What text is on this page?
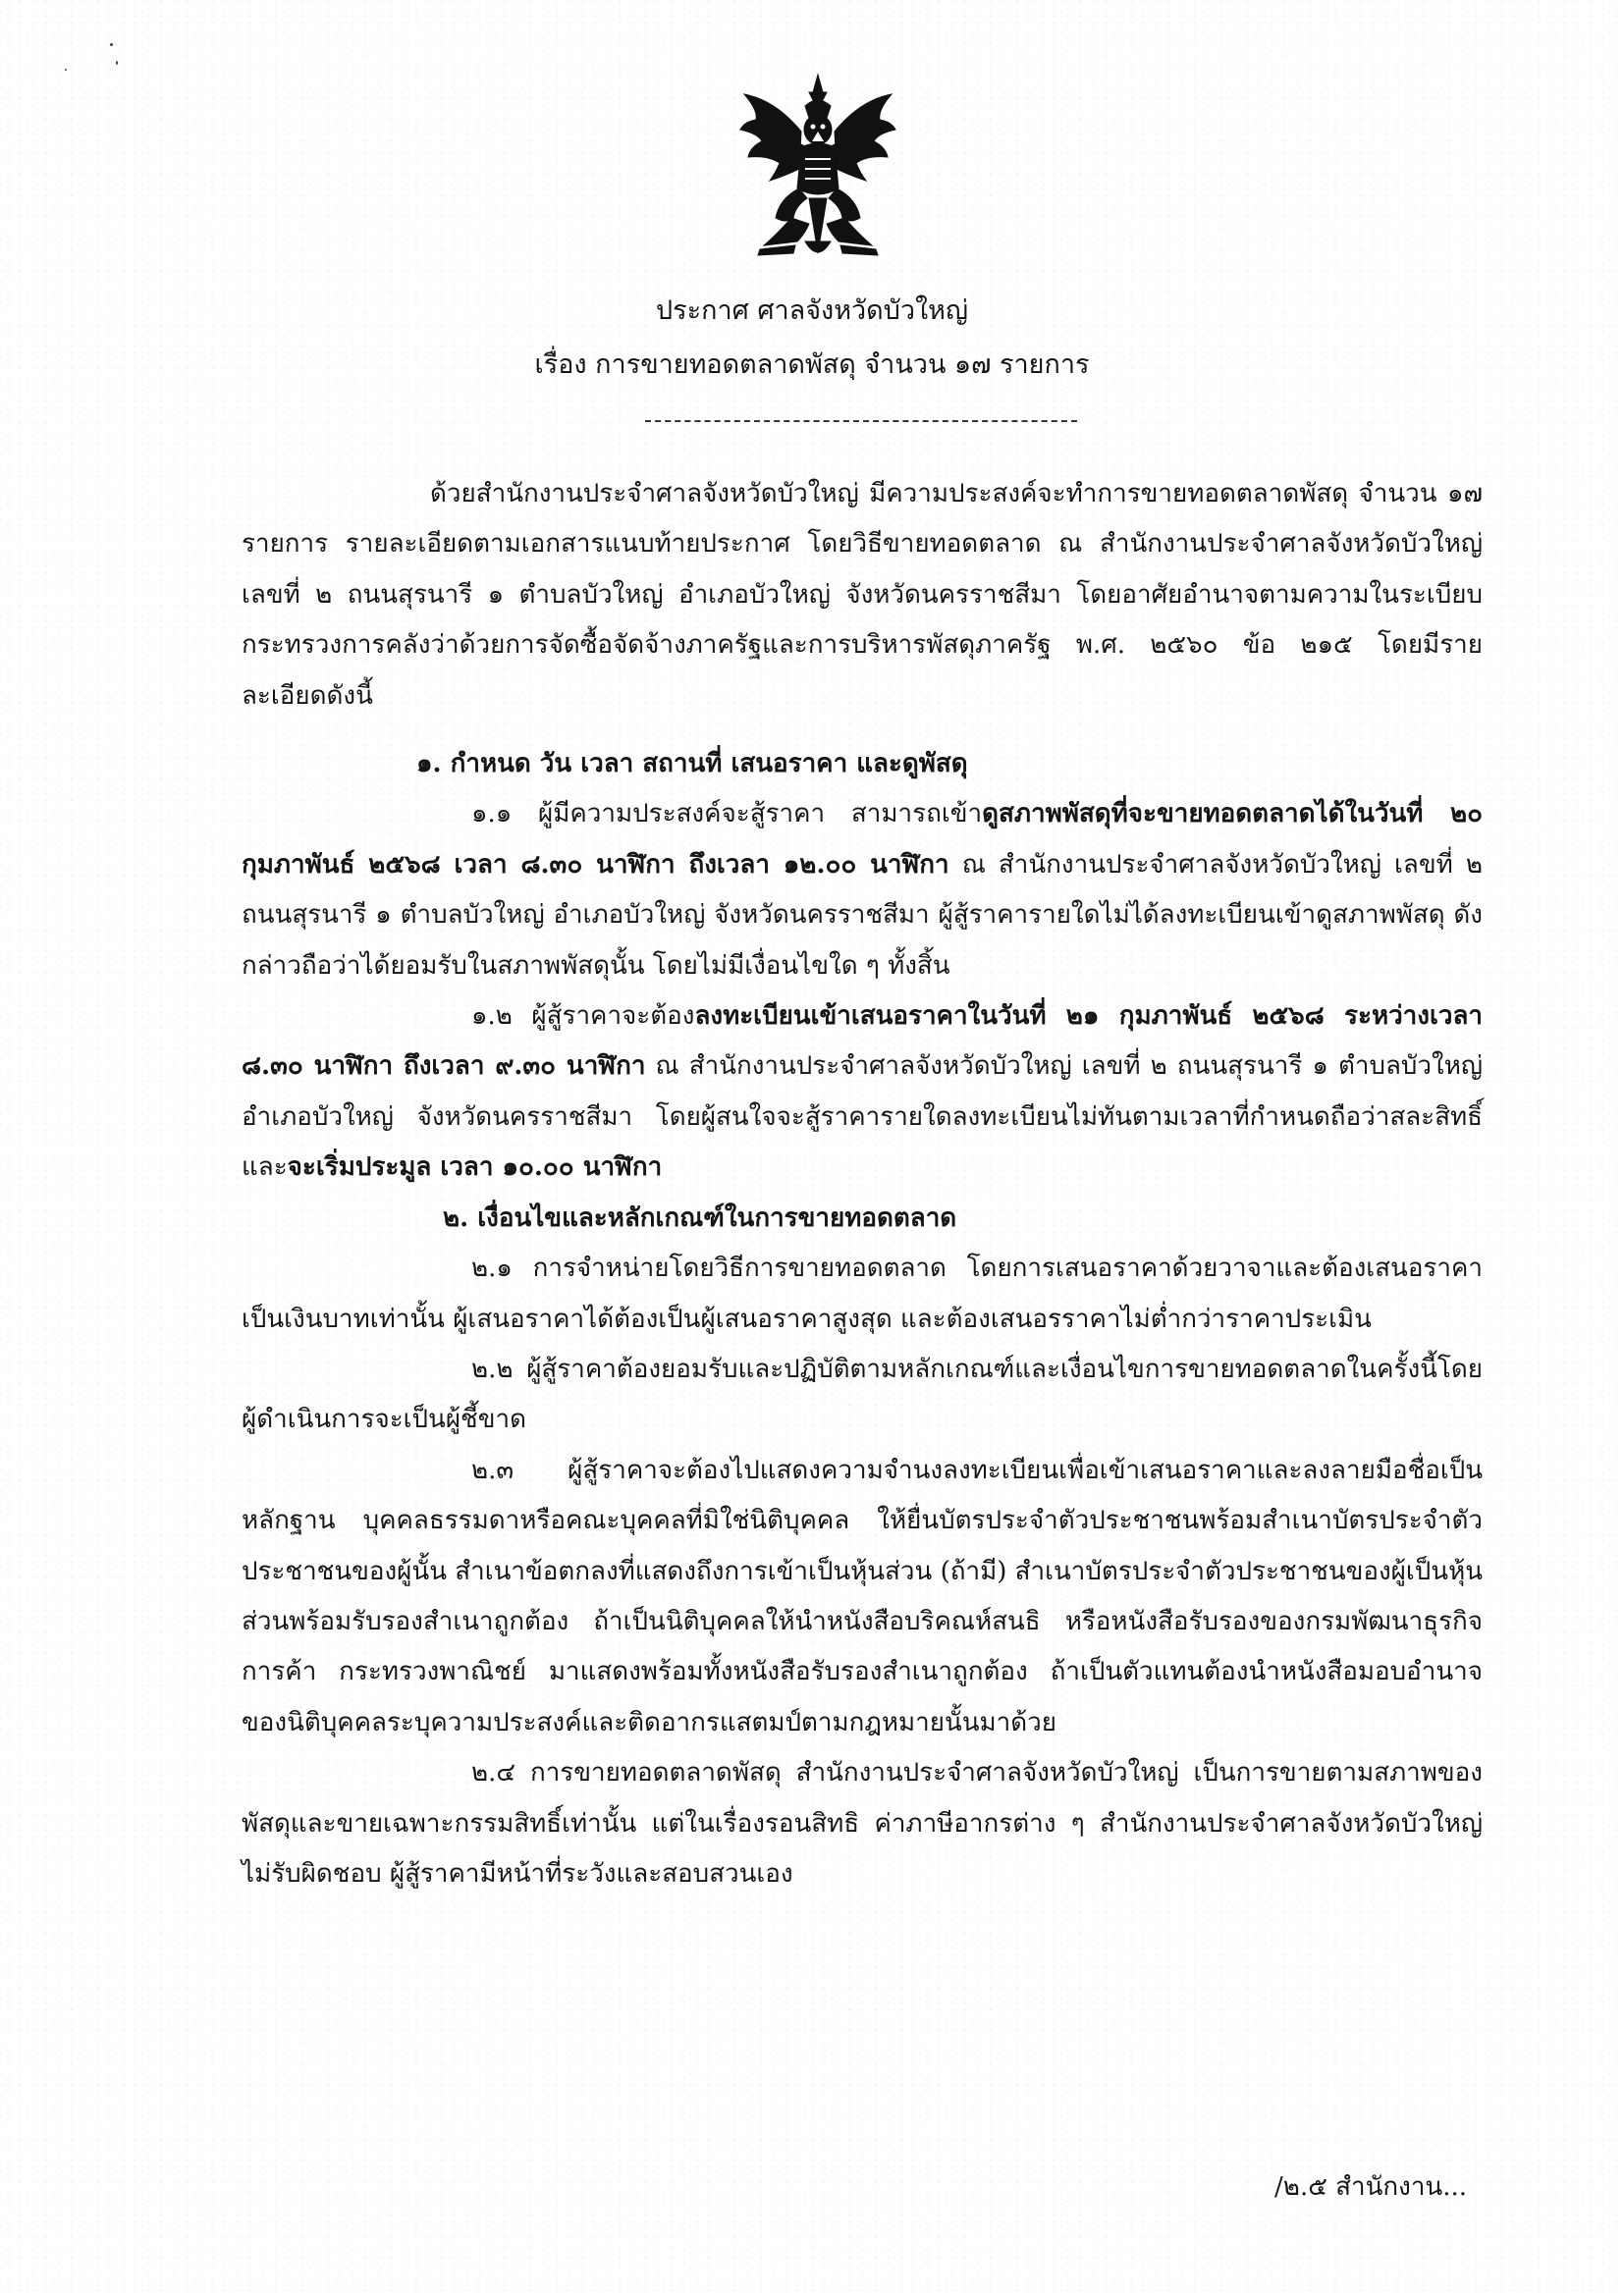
ประกาศ ศาลจังหวัดบัวใหญ่
เรื่อง การขายทอดตลาดพัสดุ จำนวน ๑๗ รายการ

ด้วยสำนักงานประจำศาลจังหวัดบัวใหญ่ มีความประสงค์จะทำการขายทอดตลาดพัสดุ จำนวน ๑๗ รายการ รายละเอียดตามเอกสารแนบท้ายประกาศ โดยวิธีขายทอดตลาด ณ สำนักงานประจำศาลจังหวัดบัวใหญ่ เลขที่ ๒ ถนนสุรนารี ๑ ตำบลบัวใหญ่ อำเภอบัวใหญ่ จังหวัดนครราชสีมา โดยอาศัยอำนาจตามความในระเบียบกระทรวงการคลังว่าด้วยการจัดซื้อจัดจ้างภาครัฐและการบริหารพัสดุภาครัฐ พ.ศ. ๒๕๖๐ ข้อ ๒๑๕ โดยมีรายละเอียดดังนี้

๑. กำหนด วัน เวลา สถานที่ เสนอราคา และดูพัสดุ

๑.๑ ผู้มีความประสงค์จะสู้ราคา สามารถเข้าดูสภาพพัสดุที่จะขายทอดตลาดได้ในวันที่ ๒๐ กุมภาพันธ์ ๒๕๖๘ เวลา ๘.๓๐ นาฬิกา ถึงเวลา ๑๒.๐๐ นาฬิกา ณ สำนักงานประจำศาลจังหวัดบัวใหญ่ เลขที่ ๒ ถนนสุรนารี ๑ ตำบลบัวใหญ่ อำเภอบัวใหญ่ จังหวัดนครราชสีมา ผู้สู้ราคารายใดไม่ได้ลงทะเบียนเข้าดูสภาพพัสดุ ดังกล่าวถือว่าได้ยอมรับในสภาพพัสดุนั้น โดยไม่มีเงื่อนไขใด ๆ ทั้งสิ้น

๑.๒ ผู้สู้ราคาจะต้องลงทะเบียนเข้าเสนอราคาในวันที่ ๒๑ กุมภาพันธ์ ๒๕๖๘ ระหว่างเวลา ๘.๓๐ นาฬิกา ถึงเวลา ๙.๓๐ นาฬิกา ณ สำนักงานประจำศาลจังหวัดบัวใหญ่ เลขที่ ๒ ถนนสุรนารี ๑ ตำบลบัวใหญ่ อำเภอบัวใหญ่ จังหวัดนครราชสีมา โดยผู้สนใจจะสู้ราคารายใดลงทะเบียนไม่ทันตามเวลาที่กำหนดถือว่าสละสิทธิ์ และจะเริ่มประมูล เวลา ๑๐.๐๐ นาฬิกา

๒. เงื่อนไขและหลักเกณฑ์ในการขายทอดตลาด

๒.๑ การจำหน่ายโดยวิธีการขายทอดตลาด โดยการเสนอราคาด้วยวาจาและต้องเสนอราคาเป็นเงินบาทเท่านั้น ผู้เสนอราคาได้ต้องเป็นผู้เสนอราคาสูงสุด และต้องเสนอรราคาไม่ต่ำกว่าราคาประเมิน

๒.๒ ผู้สู้ราคาต้องยอมรับและปฏิบัติตามหลักเกณฑ์และเงื่อนไขการขายทอดตลาดในครั้งนี้โดยผู้ดำเนินการจะเป็นผู้ชี้ขาด

๒.๓ ผู้สู้ราคาจะต้องไปแสดงความจำนงลงทะเบียนเพื่อเข้าเสนอราคาและลงลายมือชื่อเป็นหลักฐาน บุคคลธรรมดาหรือคณะบุคคลที่มิใช่นิติบุคคล ให้ยื่นบัตรประจำตัวประชาชนพร้อมสำเนาบัตรประจำตัวประชาชนของผู้นั้น สำเนาข้อตกลงที่แสดงถึงการเข้าเป็นหุ้นส่วน (ถ้ามี) สำเนาบัตรประจำตัวประชาชนของผู้เป็นหุ้นส่วนพร้อมรับรองสำเนาถูกต้อง ถ้าเป็นนิติบุคคลให้นำหนังสือบริคณห์สนธิ หรือหนังสือรับรองของกรมพัฒนาธุรกิจการค้า กระทรวงพาณิชย์ มาแสดงพร้อมทั้งหนังสือรับรองสำเนาถูกต้อง ถ้าเป็นตัวแทนต้องนำหนังสือมอบอำนาจของนิติบุคคลระบุความประสงค์และติดอากรแสตมป์ตามกฎหมายนั้นมาด้วย

๒.๔ การขายทอดตลาดพัสดุ สำนักงานประจำศาลจังหวัดบัวใหญ่ เป็นการขายตามสภาพของพัสดุและขายเฉพาะกรรมสิทธิ์เท่านั้น แต่ในเรื่องรอนสิทธิ ค่าภาษีอากรต่าง ๆ สำนักงานประจำศาลจังหวัดบัวใหญ่ไม่รับผิดชอบ ผู้สู้ราคามีหน้าที่ระวังและสอบสวนเอง

/๒.๕ สำนักงาน...
